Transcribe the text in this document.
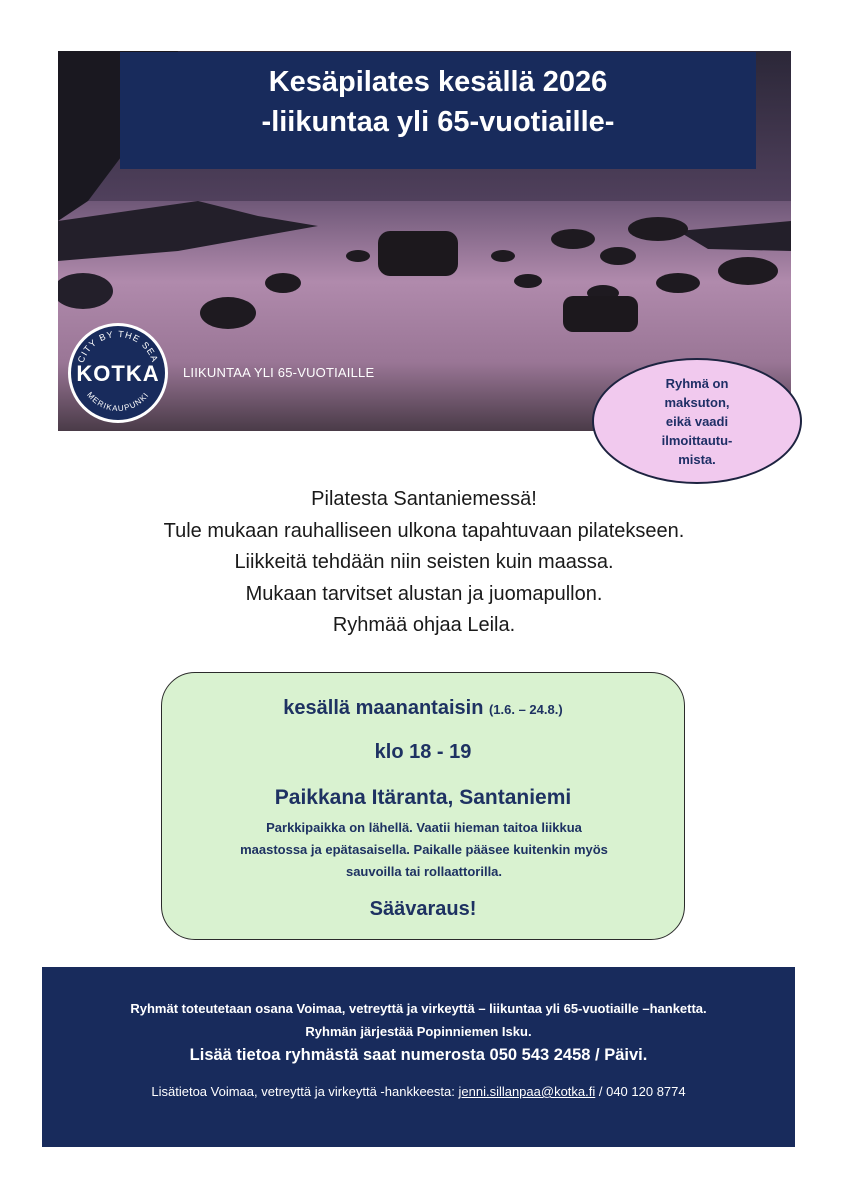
Kesäpilates kesällä 2026
-liikuntaa yli 65-vuotiaille-
CITY BY THE SEA
KOTKA
MERIKAUPUNKI
LIIKUNTAA YLI 65-VUOTIAILLE
Ryhmä on
maksuton,
eikä vaadi
ilmoittautu-
mista.
Pilatesta Santaniemessä!
Tule mukaan rauhalliseen ulkona tapahtuvaan pilatekseen.
Liikkeitä tehdään niin seisten kuin maassa.
Mukaan tarvitset alustan ja juomapullon.
Ryhmää ohjaa Leila.
kesällä maanantaisin (1.6. – 24.8.)
klo 18 - 19
Paikkana Itäranta, Santaniemi
Parkkipaikka on lähellä. Vaatii hieman taitoa liikkua
maastossa ja epätasaisella. Paikalle pääsee kuitenkin myös
sauvoilla tai rollaattorilla.
Säävaraus!
Ryhmät toteutetaan osana Voimaa, vetreyttä ja virkeyttä – liikuntaa yli 65-vuotiaille –hanketta.
Ryhmän järjestää Popinniemen Isku.
Lisää tietoa ryhmästä saat numerosta 050 543 2458 / Päivi.
Lisätietoa Voimaa, vetreyttä ja virkeyttä -hankkeesta: jenni.sillanpaa@kotka.fi / 040 120 8774
